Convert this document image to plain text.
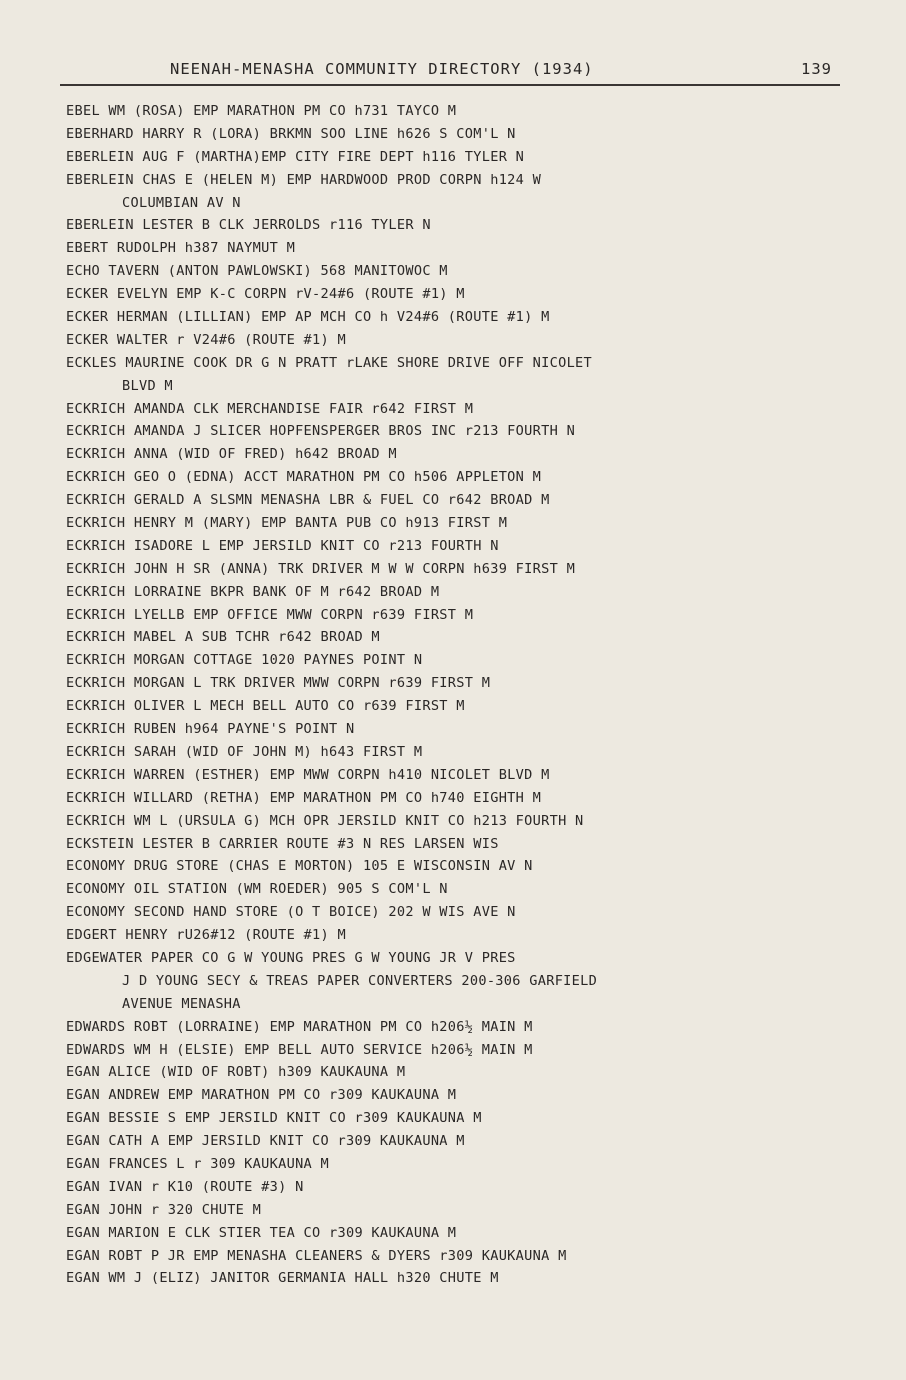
NEENAH-MENASHA COMMUNITY DIRECTORY (1934)	139
EBEL WM (ROSA) EMP MARATHON PM CO h731 TAYCO M
EBERHARD HARRY R (LORA) BRKMN SOO LINE h626 S COM'L N
EBERLEIN AUG F (MARTHA)EMP CITY FIRE DEPT h116 TYLER N
EBERLEIN CHAS E (HELEN M) EMP HARDWOOD PROD CORPN h124 W
COLUMBIAN AV N
EBERLEIN LESTER B CLK JERROLDS r116 TYLER N
EBERT RUDOLPH h387 NAYMUT M
ECHO TAVERN (ANTON PAWLOWSKI) 568 MANITOWOC M
ECKER EVELYN EMP K-C CORPN rV-24#6 (ROUTE #1) M
ECKER HERMAN (LILLIAN) EMP AP MCH CO h V24#6 (ROUTE #1) M
ECKER WALTER r V24#6 (ROUTE #1) M
ECKLES MAURINE COOK DR G N PRATT rLAKE SHORE DRIVE OFF NICOLET
BLVD M
ECKRICH AMANDA CLK MERCHANDISE FAIR r642 FIRST M
ECKRICH AMANDA J SLICER HOPFENSPERGER BROS INC r213 FOURTH N
ECKRICH ANNA (WID OF FRED) h642 BROAD M
ECKRICH GEO O (EDNA) ACCT MARATHON PM CO h506 APPLETON M
ECKRICH GERALD A SLSMN MENASHA LBR & FUEL CO r642 BROAD M
ECKRICH HENRY M (MARY) EMP BANTA PUB CO h913 FIRST M
ECKRICH ISADORE L EMP JERSILD KNIT CO r213 FOURTH N
ECKRICH JOHN H SR (ANNA) TRK DRIVER M W W CORPN h639 FIRST M
ECKRICH LORRAINE BKPR BANK OF M r642 BROAD M
ECKRICH LYELLB EMP OFFICE MWW CORPN r639 FIRST M
ECKRICH MABEL A SUB TCHR r642 BROAD M
ECKRICH MORGAN COTTAGE 1020 PAYNES POINT N
ECKRICH MORGAN L TRK DRIVER MWW CORPN r639 FIRST M
ECKRICH OLIVER L MECH BELL AUTO CO r639 FIRST M
ECKRICH RUBEN h964 PAYNE'S POINT N
ECKRICH SARAH (WID OF JOHN M) h643 FIRST M
ECKRICH WARREN (ESTHER) EMP MWW CORPN h410 NICOLET BLVD M
ECKRICH WILLARD (RETHA) EMP MARATHON PM CO h740 EIGHTH M
ECKRICH WM L (URSULA G) MCH OPR JERSILD KNIT CO h213 FOURTH N
ECKSTEIN LESTER B CARRIER ROUTE #3 N RES LARSEN WIS
ECONOMY DRUG STORE (CHAS E MORTON) 105 E WISCONSIN AV N
ECONOMY OIL STATION (WM ROEDER) 905 S COM'L N
ECONOMY SECOND HAND STORE (O T BOICE) 202 W WIS AVE N
EDGERT HENRY rU26#12 (ROUTE #1) M
EDGEWATER PAPER CO G W YOUNG PRES G W YOUNG JR V PRES
J D YOUNG SECY & TREAS PAPER CONVERTERS 200-306 GARFIELD
AVENUE MENASHA
EDWARDS ROBT (LORRAINE) EMP MARATHON PM CO h206½ MAIN M
EDWARDS WM H (ELSIE) EMP BELL AUTO SERVICE h206½ MAIN M
EGAN ALICE (WID OF ROBT) h309 KAUKAUNA M
EGAN ANDREW EMP MARATHON PM CO r309 KAUKAUNA M
EGAN BESSIE S EMP JERSILD KNIT CO r309 KAUKAUNA M
EGAN CATH A EMP JERSILD KNIT CO r309 KAUKAUNA M
EGAN FRANCES L r 309 KAUKAUNA M
EGAN IVAN r K10 (ROUTE #3) N
EGAN JOHN r 320 CHUTE M
EGAN MARION E CLK STIER TEA CO r309 KAUKAUNA M
EGAN ROBT P JR EMP MENASHA CLEANERS & DYERS r309 KAUKAUNA M
EGAN WM J (ELIZ) JANITOR GERMANIA HALL h320 CHUTE M
